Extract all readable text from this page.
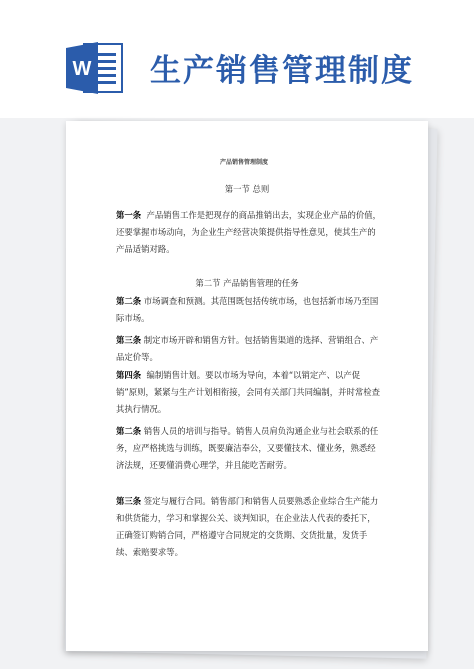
W 生产销售管理制度
产品销售管理制度
第一节 总则
第一条 产品销售工作是把现存的商品推销出去，实现企业产品的价值，还要掌握市场动向，为企业生产经营决策提供指导性意见，使其生产的产品适销对路。
第二节 产品销售管理的任务
第二条 市场调查和预测。其范围既包括传统市场，也包括新市场乃至国际市场。
第三条 制定市场开辟和销售方针。包括销售渠道的选择、营销组合、产品定价等。
第四条 编制销售计划。要以市场为导向，本着“以销定产、以产促销”原则，紧紧与生产计划相衔接，会同有关部门共同编制，并时常检查其执行情况。
第二条 销售人员的培训与指导。销售人员肩负沟通企业与社会联系的任务，应严格挑选与训练，既要廉洁奉公，又要懂技术、懂业务，熟悉经济法规，还要懂消费心理学，并且能吃苦耐劳。
第三条 签定与履行合同。销售部门和销售人员要熟悉企业综合生产能力和供货能力，学习和掌握公关、谈判知识，在企业法人代表的委托下，正确签订购销合同，严格遵守合同规定的交货期、交货批量，发货手续、索赔要求等。
